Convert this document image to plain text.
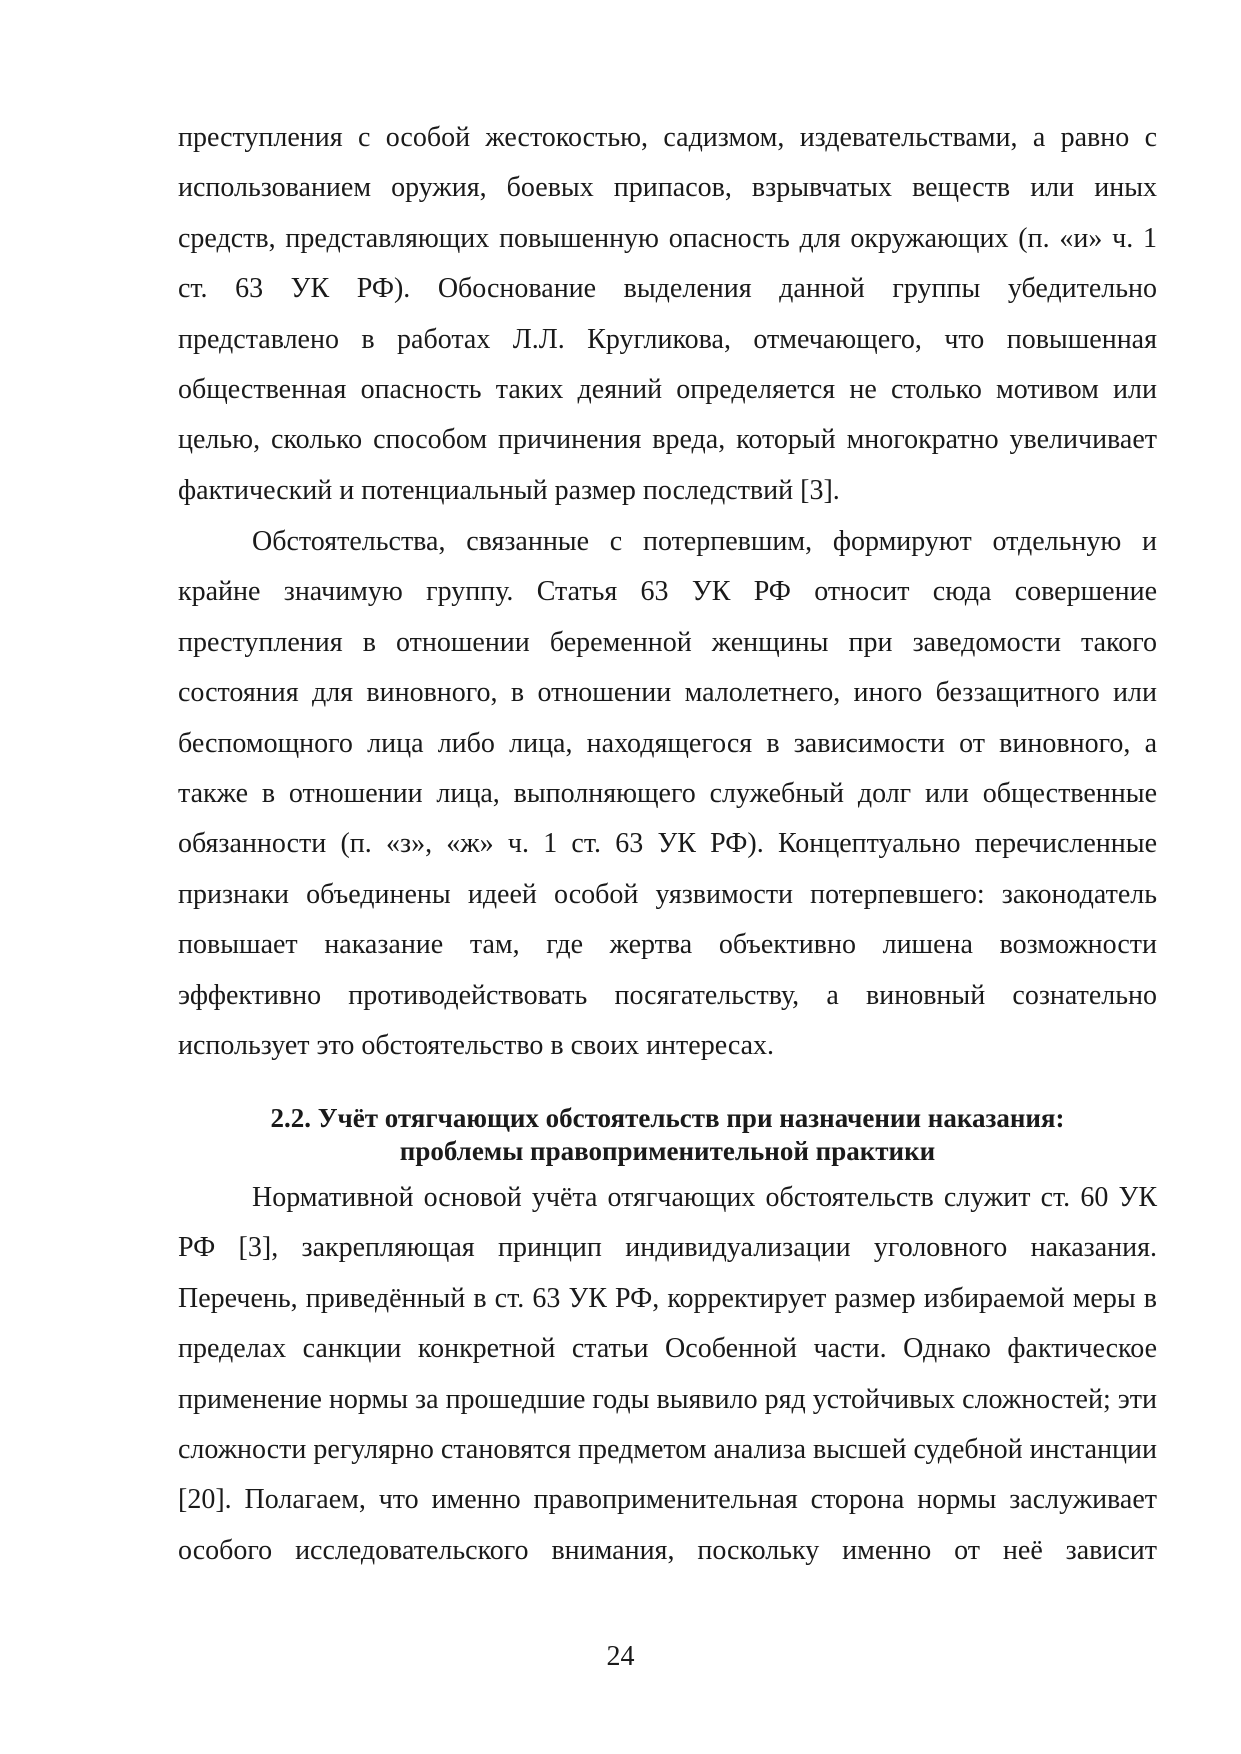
преступления с особой жестокостью, садизмом, издевательствами, а равно с использованием оружия, боевых припасов, взрывчатых веществ или иных средств, представляющих повышенную опасность для окружающих (п. «и» ч. 1 ст. 63 УК РФ). Обоснование выделения данной группы убедительно представлено в работах Л.Л. Кругликова, отмечающего, что повышенная общественная опасность таких деяний определяется не столько мотивом или целью, сколько способом причинения вреда, который многократно увеличивает фактический и потенциальный размер последствий [3].

Обстоятельства, связанные с потерпевшим, формируют отдельную и крайне значимую группу. Статья 63 УК РФ относит сюда совершение преступления в отношении беременной женщины при заведомости такого состояния для виновного, в отношении малолетнего, иного беззащитного или беспомощного лица либо лица, находящегося в зависимости от виновного, а также в отношении лица, выполняющего служебный долг или общественные обязанности (п. «з», «ж» ч. 1 ст. 63 УК РФ). Концептуально перечисленные признаки объединены идеей особой уязвимости потерпевшего: законодатель повышает наказание там, где жертва объективно лишена возможности эффективно противодействовать посягательству, а виновный сознательно использует это обстоятельство в своих интересах.

2.2. Учёт отягчающих обстоятельств при назначении наказания:
проблемы правоприменительной практики

Нормативной основой учёта отягчающих обстоятельств служит ст. 60 УК РФ [3], закрепляющая принцип индивидуализации уголовного наказания. Перечень, приведённый в ст. 63 УК РФ, корректирует размер избираемой меры в пределах санкции конкретной статьи Особенной части. Однако фактическое применение нормы за прошедшие годы выявило ряд устойчивых сложностей; эти сложности регулярно становятся предметом анализа высшей судебной инстанции [20]. Полагаем, что именно правоприменительная сторона нормы заслуживает особого исследовательского внимания, поскольку именно от неё зависит

24
